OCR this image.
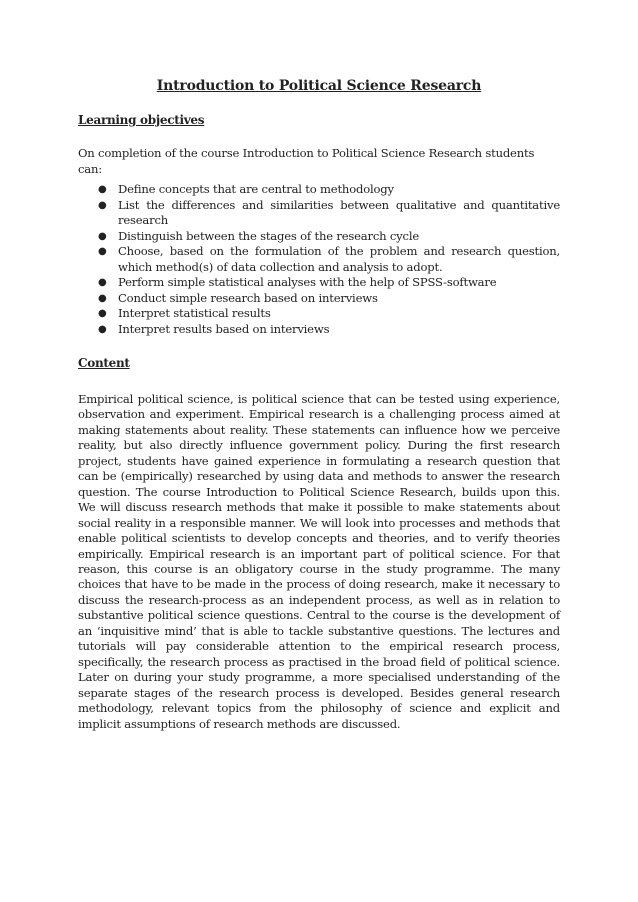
Introduction to Political Science Research
Learning objectives

On completion of the course Introduction to Political Science Research students can:

● Define concepts that are central to methodology
● List the differences and similarities between qualitative and quantitative research
● Distinguish between the stages of the research cycle
● Choose, based on the formulation of the problem and research question, which method(s) of data collection and analysis to adopt.
● Perform simple statistical analyses with the help of SPSS-software
● Conduct simple research based on interviews
● Interpret statistical results
● Interpret results based on interviews
Content

Empirical political science, is political science that can be tested using experience, observation and experiment. Empirical research is a challenging process aimed at making statements about reality. These statements can influence how we perceive reality, but also directly influence government policy. During the first research project, students have gained experience in formulating a research question that can be (empirically) researched by using data and methods to answer the research question. The course Introduction to Political Science Research, builds upon this. We will discuss research methods that make it possible to make statements about social reality in a responsible manner. We will look into processes and methods that enable political scientists to develop concepts and theories, and to verify theories empirically. Empirical research is an important part of political science. For that reason, this course is an obligatory course in the study programme. The many choices that have to be made in the process of doing research, make it necessary to discuss the research-process as an independent process, as well as in relation to substantive political science questions. Central to the course is the development of an ‘inquisitive mind’ that is able to tackle substantive questions. The lectures and tutorials will pay considerable attention to the empirical research process, specifically, the research process as practised in the broad field of political science. Later on during your study programme, a more specialised understanding of the separate stages of the research process is developed. Besides general research methodology, relevant topics from the philosophy of science and explicit and implicit assumptions of research methods are discussed.
